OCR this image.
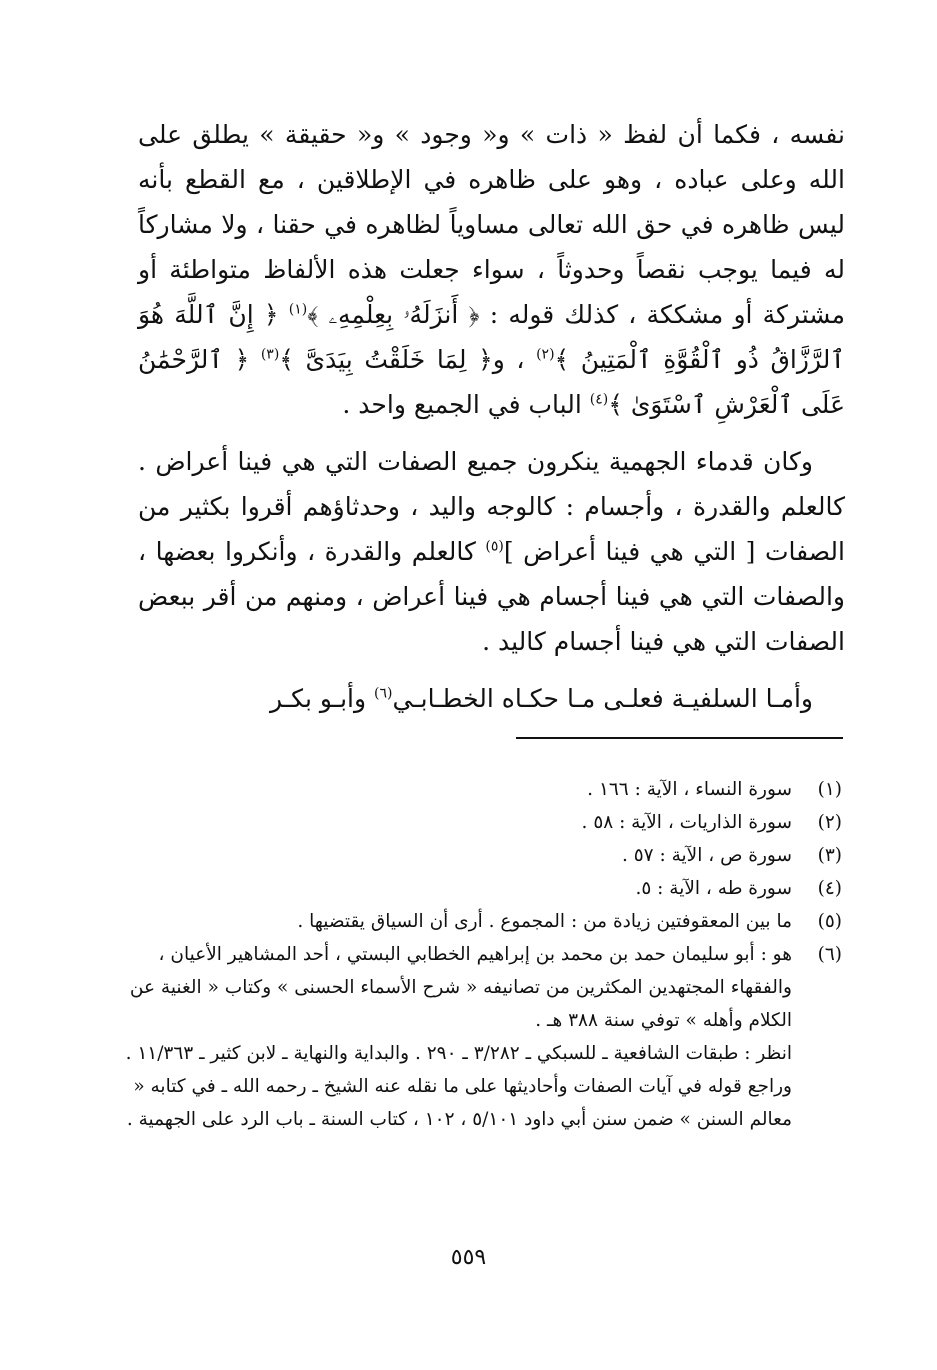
نفسه ، فكما أن لفظ « ذات » و« وجود » و« حقيقة » يطلق على الله وعلى عباده ، وهو على ظاهره في الإطلاقين ، مع القطع بأنه ليس ظاهره في حق الله تعالى مساوياً لظاهره في حقنا ، ولا مشاركاً له فيما يوجب نقصاً وحدوثاً ، سواء جعلت هذه الألفاظ متواطئة أو مشتركة أو مشككة ، كذلك قوله : ﴿ أَنزَلَهُۥ بِعِلْمِهِۦ ﴾$^{(١)}$ ﴿ إِنَّ ٱللَّهَ هُوَ ٱلرَّزَّاقُ ذُو ٱلْقُوَّةِ ٱلْمَتِينُ ﴾$^{(٢)}$ ، و﴿ لِمَا خَلَقْتُ بِيَدَىَّ ﴾$^{(٣)}$ ﴿ ٱلرَّحْمَٰنُ عَلَى ٱلْعَرْشِ ٱسْتَوَىٰ ﴾$^{(٤)}$ الباب في الجميع واحد .

وكان قدماء الجهمية ينكرون جميع الصفات التي هي فينا أعراض . كالعلم والقدرة ، وأجسام : كالوجه واليد ، وحدثاؤهم أقروا بكثير من الصفات [ التي هي فينا أعراض ]$^{(٥)}$ كالعلم والقدرة ، وأنكروا بعضها ، والصفات التي هي فينا أجسام هي فينا أعراض ، ومنهم من أقر ببعض الصفات التي هي فينا أجسام كاليد .

وأمـا السلفيـة فعلـى مـا حكـاه الخطـابـي$^{(٦)}$ وأبـو بكـر

(١)
سورة النساء ، الآية : ١٦٦ .
(٢)
سورة الذاريات ، الآية : ٥٨ .
(٣)
سورة ص ، الآية : ٥٧ .
(٤)
سورة طه ، الآية : ٥.
(٥)
ما بين المعقوفتين زيادة من : المجموع . أرى أن السياق يقتضيها .
(٦)
هو : أبو سليمان حمد بن محمد بن إبراهيم الخطابي البستي ، أحد المشاهير الأعيان ، والفقهاء المجتهدين المكثرين من تصانيفه « شرح الأسماء الحسنى » وكتاب « الغنية عن الكلام وأهله » توفي سنة ٣٨٨ هـ .
انظر : طبقات الشافعية ـ للسبكي ـ ٣/٢٨٢ ـ ٢٩٠ . والبداية والنهاية ـ لابن كثير ـ ١١/٣٦٣ .
وراجع قوله في آيات الصفات وأحاديثها على ما نقله عنه الشيخ ـ رحمه الله ـ في كتابه « معالم السنن » ضمن سنن أبي داود ٥/١٠١ ، ١٠٢ ، كتاب السنة ـ باب الرد على الجهمية .
٥٥٩
